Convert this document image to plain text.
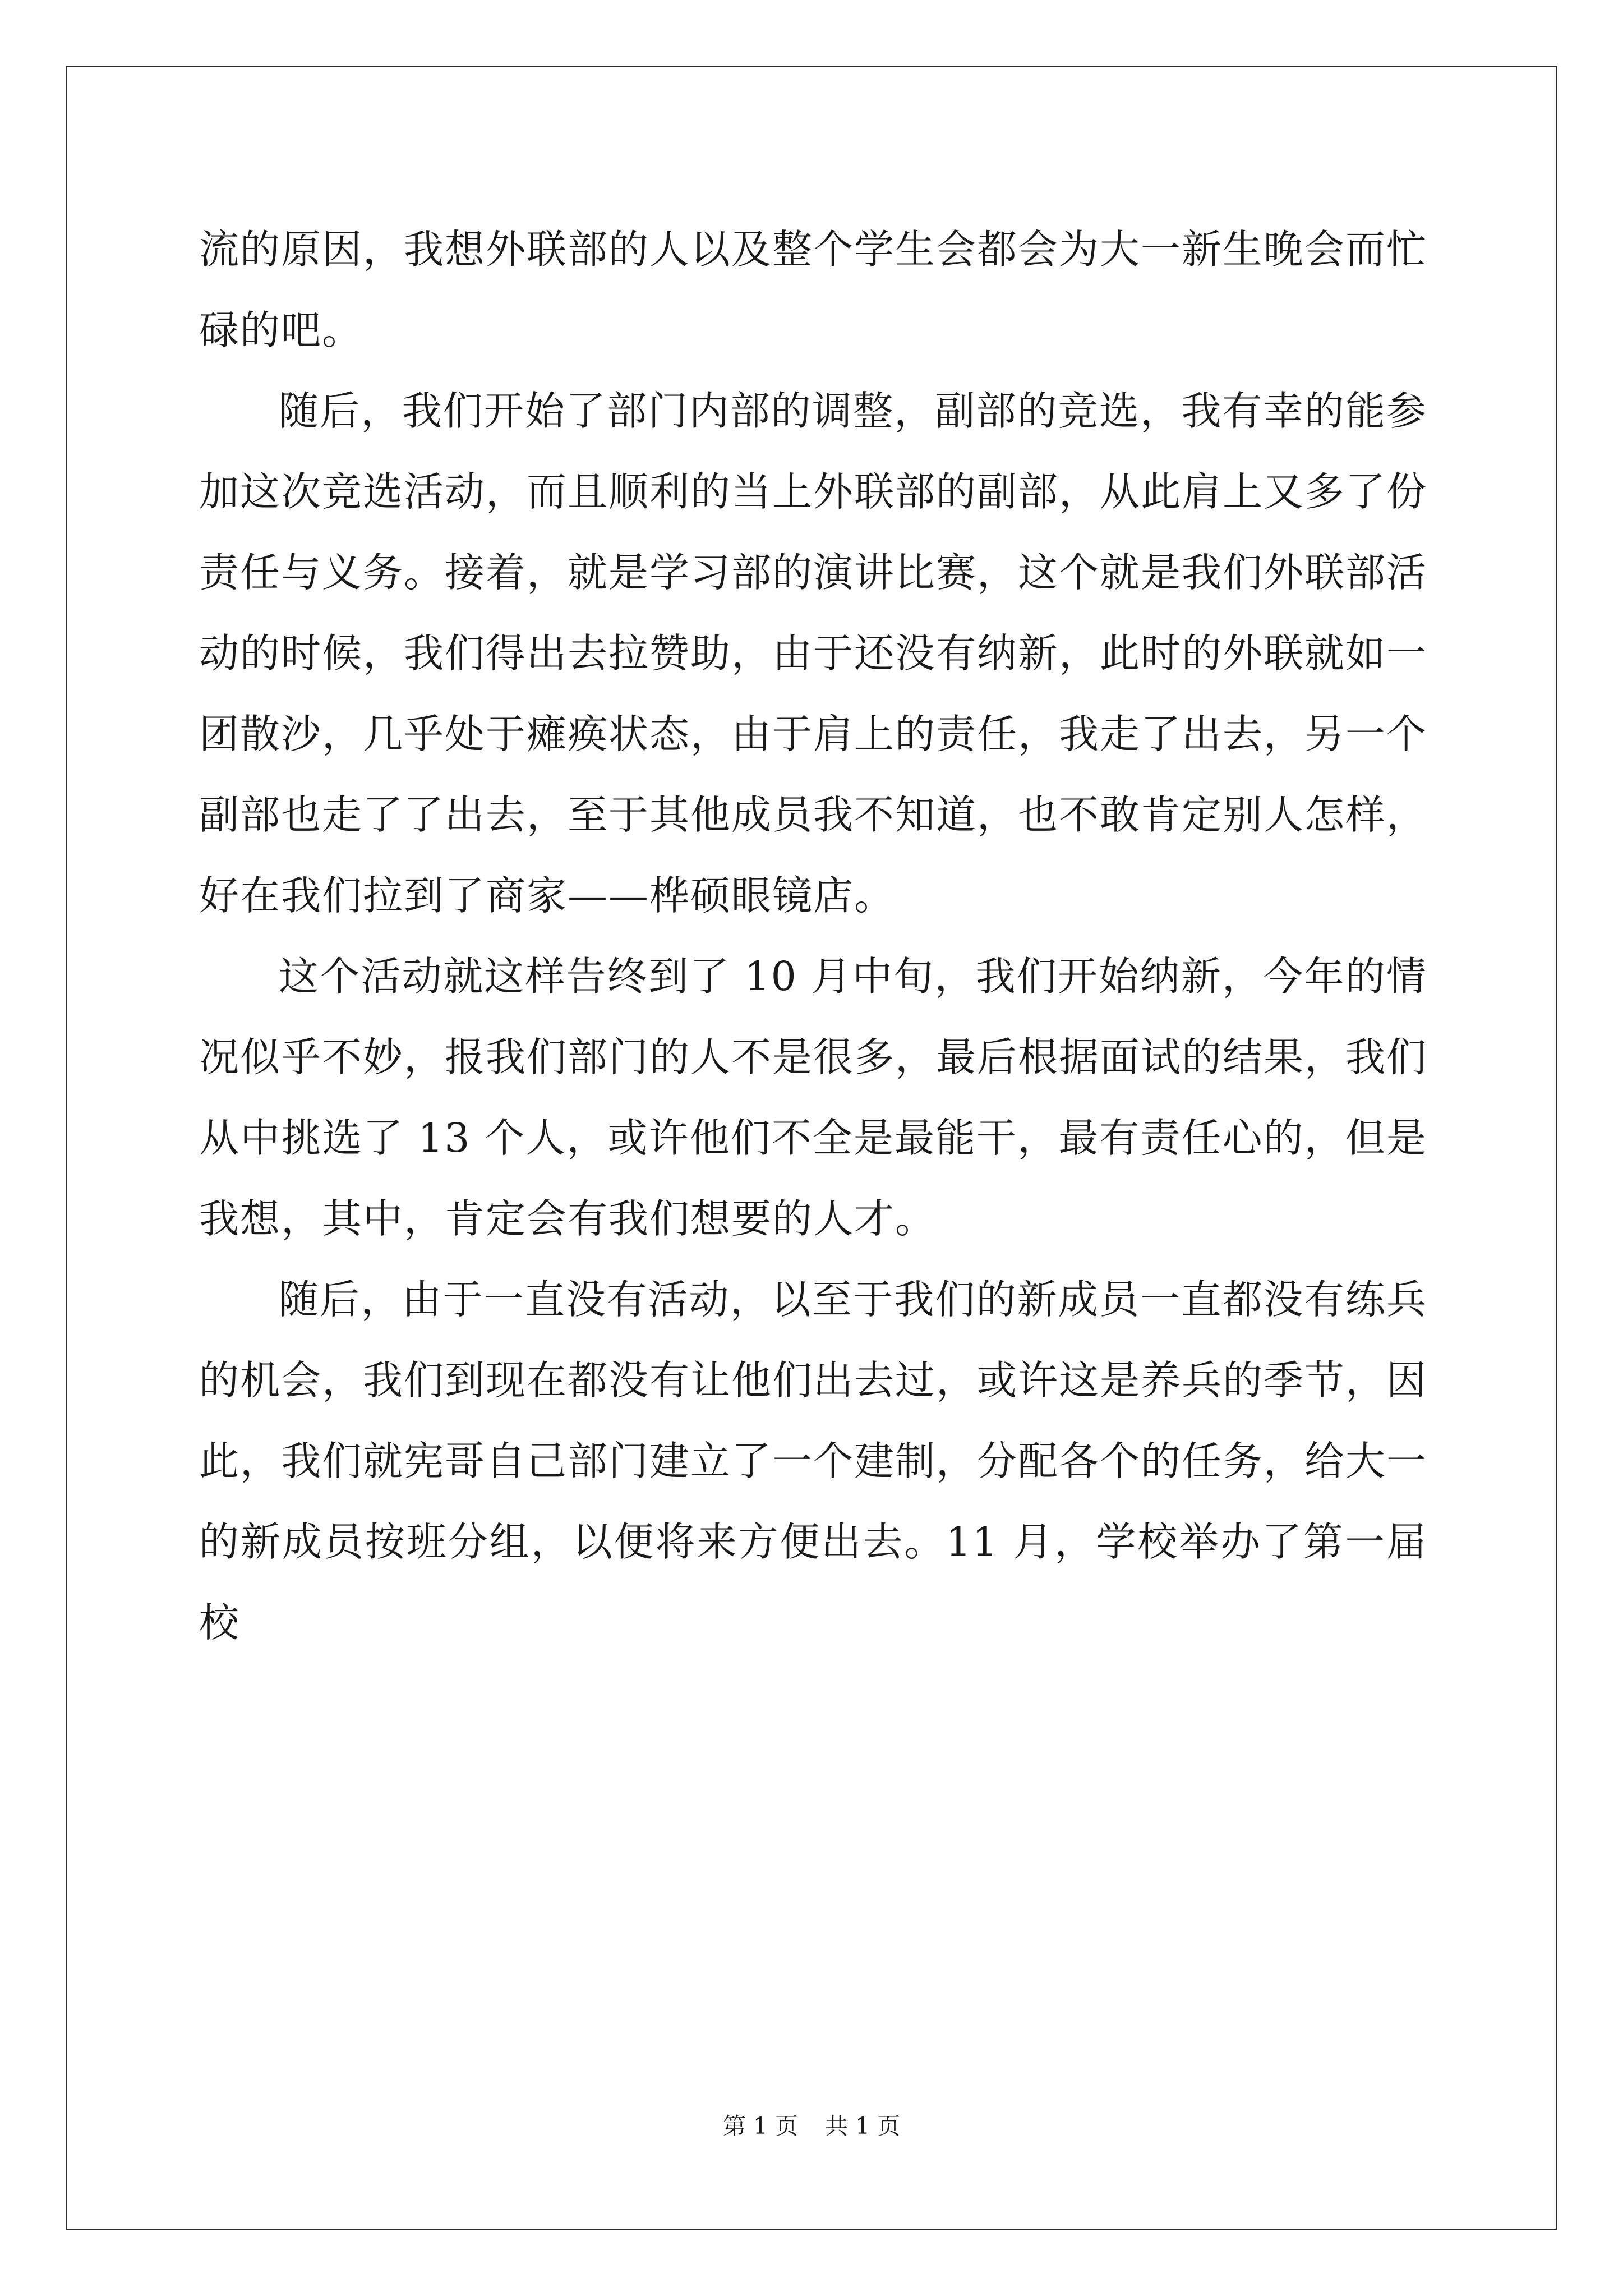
流的原因，我想外联部的人以及整个学生会都会为大一新生晚会而忙碌的吧。

随后，我们开始了部门内部的调整，副部的竞选，我有幸的能参加这次竞选活动，而且顺利的当上外联部的副部，从此肩上又多了份责任与义务。接着，就是学习部的演讲比赛，这个就是我们外联部活动的时候，我们得出去拉赞助，由于还没有纳新，此时的外联就如一团散沙，几乎处于瘫痪状态，由于肩上的责任，我走了出去，另一个副部也走了了出去，至于其他成员我不知道，也不敢肯定别人怎样，好在我们拉到了商家——桦硕眼镜店。

这个活动就这样告终到了 10 月中旬，我们开始纳新，今年的情况似乎不妙，报我们部门的人不是很多，最后根据面试的结果，我们从中挑选了 13 个人，或许他们不全是最能干，最有责任心的，但是我想，其中，肯定会有我们想要的人才。

随后，由于一直没有活动，以至于我们的新成员一直都没有练兵的机会，我们到现在都没有让他们出去过，或许这是养兵的季节，因此，我们就宪哥自己部门建立了一个建制，分配各个的任务，给大一的新成员按班分组，以便将来方便出去。11 月，学校举办了第一届校

第 1 页 共 1 页
